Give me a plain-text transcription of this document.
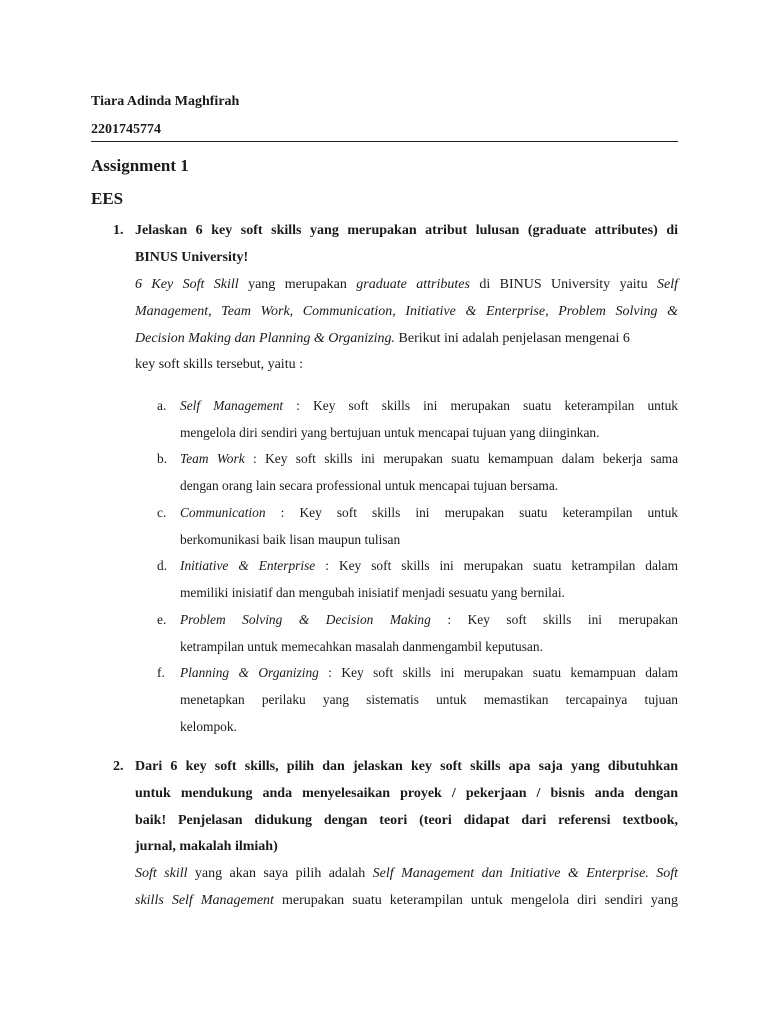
Tiara Adinda Maghfirah
2201745774
Assignment 1
EES
1. Jelaskan 6 key soft skills yang merupakan atribut lulusan (graduate attributes) di
BINUS University!
6 Key Soft Skill yang merupakan graduate attributes di BINUS University yaitu Self
Management, Team Work, Communication, Initiative & Enterprise, Problem Solving &
Decision Making dan Planning & Organizing. Berikut ini adalah penjelasan mengenai 6
key soft skills tersebut, yaitu :
a. Self Management : Key soft skills ini merupakan suatu keterampilan untuk
mengelola diri sendiri yang bertujuan untuk mencapai tujuan yang diinginkan.
b. Team Work : Key soft skills ini merupakan suatu kemampuan dalam bekerja sama
dengan orang lain secara professional untuk mencapai tujuan bersama.
c. Communication : Key soft skills ini merupakan suatu keterampilan untuk
berkomunikasi baik lisan maupun tulisan
d. Initiative & Enterprise : Key soft skills ini merupakan suatu ketrampilan dalam
memiliki inisiatif dan mengubah inisiatif menjadi sesuatu yang bernilai.
e. Problem Solving & Decision Making : Key soft skills ini merupakan
ketrampilan untuk memecahkan masalah danmengambil keputusan.
f. Planning & Organizing : Key soft skills ini merupakan suatu kemampuan dalam
menetapkan perilaku yang sistematis untuk memastikan tercapainya tujuan
kelompok.
2. Dari 6 key soft skills, pilih dan jelaskan key soft skills apa saja yang dibutuhkan
untuk mendukung anda menyelesaikan proyek / pekerjaan / bisnis anda dengan
baik! Penjelasan didukung dengan teori (teori didapat dari referensi textbook,
jurnal, makalah ilmiah)
Soft skill yang akan saya pilih adalah Self Management dan Initiative & Enterprise. Soft
skills Self Management merupakan suatu keterampilan untuk mengelola diri sendiri yang
